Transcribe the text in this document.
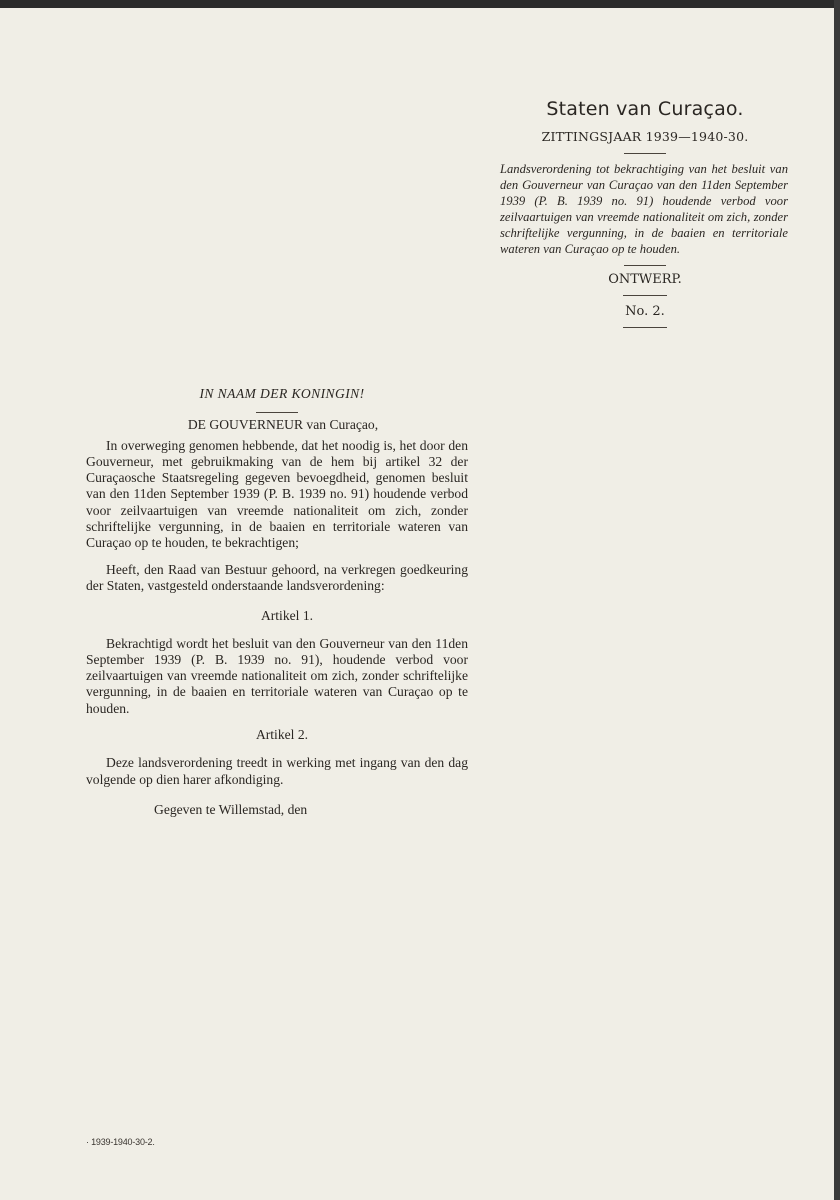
Staten van Curaçao.
ZITTINGSJAAR 1939—1940-30.
Landsverordening tot bekrachtiging van het besluit van den Gouverneur van Curaçao van den 11den September 1939 (P. B. 1939 no. 91) houdende verbod voor zeilvaartuigen van vreemde nationaliteit om zich, zonder schriftelijke vergunning, in de baaien en territoriale wateren van Curaçao op te houden.
ONTWERP.
No. 2.
IN NAAM DER KONINGIN!
DE GOUVERNEUR van Curaçao,

In overweging genomen hebbende, dat het noodig is, het door den Gouverneur, met gebruikmaking van de hem bij artikel 32 der Curaçaosche Staatsregeling gegeven bevoegdheid, genomen besluit van den 11den September 1939 (P. B. 1939 no. 91) houdende verbod voor zeilvaartuigen van vreemde nationaliteit om zich, zonder schriftelijke vergunning, in de baaien en territoriale wateren van Curaçao op te houden, te bekrachtigen;

Heeft, den Raad van Bestuur gehoord, na verkregen goedkeuring der Staten, vastgesteld onderstaande landsverordening:

Artikel 1.

Bekrachtigd wordt het besluit van den Gouverneur van den 11den September 1939 (P. B. 1939 no. 91), houdende verbod voor zeilvaartuigen van vreemde nationaliteit om zich, zonder schriftelijke vergunning, in de baaien en territoriale wateren van Curaçao op te houden.

Artikel 2.

Deze landsverordening treedt in werking met ingang van den dag volgende op dien harer afkondiging.

Gegeven te Willemstad, den
· 1939-1940-30-2.
